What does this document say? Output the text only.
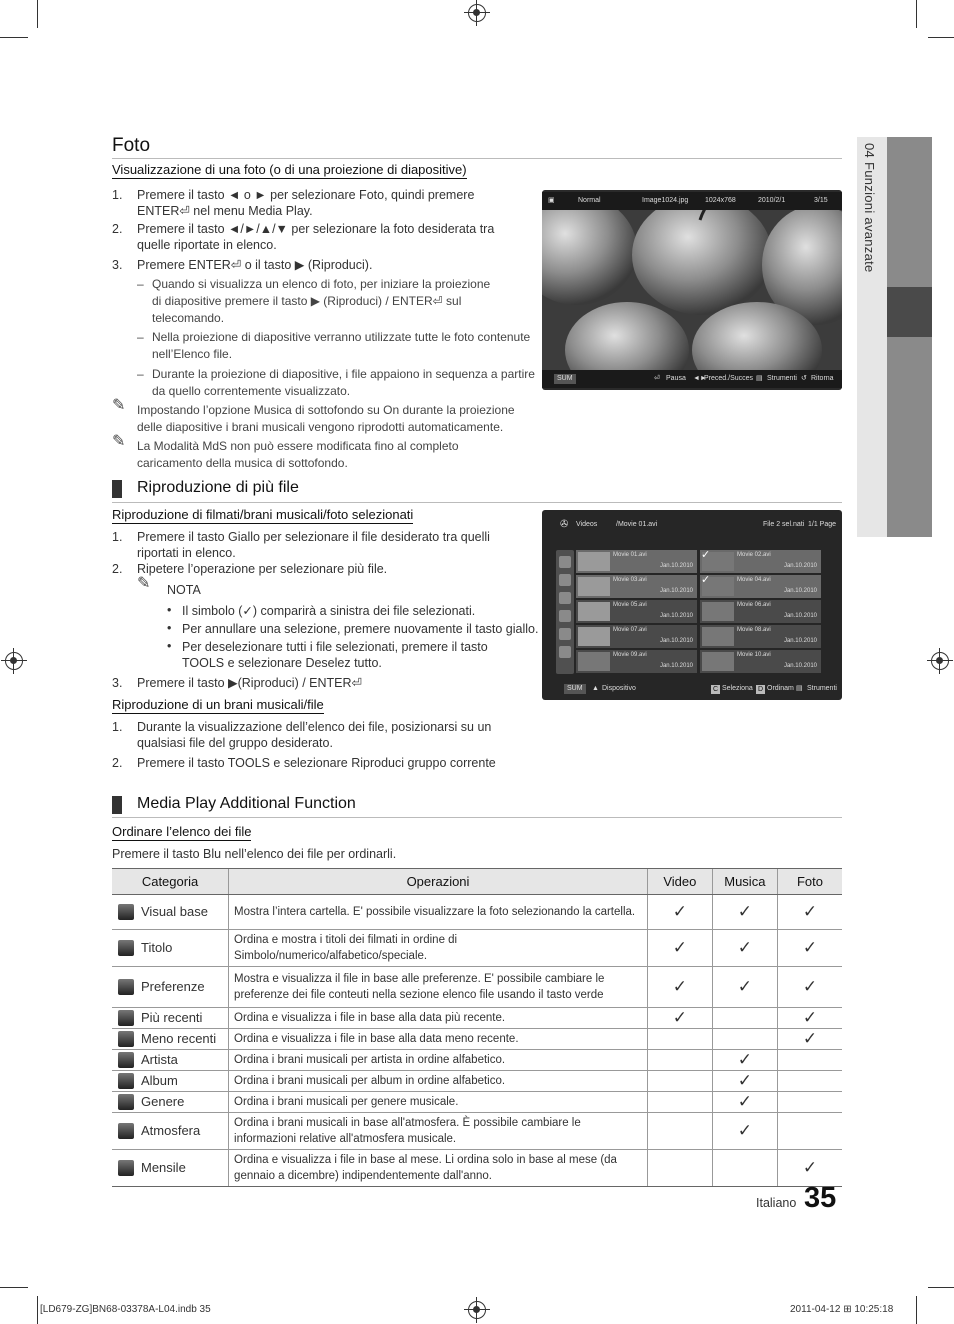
04 Funzioni avanzate
Foto
Visualizzazione di una foto (o di una proiezione di diapositive)
1. Premere il tasto ◄ o ► per selezionare Foto, quindi premere
ENTER⏎ nel menu Media Play.
2. Premere il tasto ◄/►/▲/▼ per selezionare la foto desiderata tra
quelle riportate in elenco.
3. Premere ENTER⏎ o il tasto ▶ (Riproduci).
– Quando si visualizza un elenco di foto, per iniziare la proiezione
di diapositive premere il tasto ▶ (Riproduci) / ENTER⏎ sul
telecomando.
– Nella proiezione di diapositive verranno utilizzate tutte le foto contenute
nell’Elenco file.
– Durante la proiezione di diapositive, i file appaiono in sequenza a partire
da quello correntemente visualizzato.
✎ Impostando l’opzione Musica di sottofondo su On durante la proiezione
delle diapositive i brani musicali vengono riprodotti automaticamente.
✎ La Modalità MdS non può essere modificata fino al completo
caricamento della musica di sottofondo.
▣	Normal	Image1024.jpg 1024x768	2010/2/1	3/15
SUM	⏎ Pausa ◄►
Preced./Succes ▤ Strumenti ↺ Ritorna
Riproduzione di più file
Riproduzione di filmati/brani musicali/foto selezionati
1. Premere il tasto Giallo per selezionare il file desiderato tra quelli
riportati in elenco.
2. Ripetere l’operazione per selezionare più file.
✎ NOTA
• Il simbolo (✓) comparirà a sinistra dei file selezionati.
• Per annullare una selezione, premere nuovamente il tasto giallo.
• Per deselezionare tutti i file selezionati, premere il tasto
TOOLS e selezionare Deselez tutto.
3. Premere il tasto ▶(Riproduci) / ENTER⏎
Riproduzione di un brani musicali/file
1. Durante la visualizzazione dell’elenco dei file, posizionarsi su un
qualsiasi file del gruppo desiderato.
2. Premere il tasto TOOLS e selezionare Riproduci gruppo corrente
✇ Videos	/Movie 01.avi	File 2 sel.nati 1/1 Page
Movie 01.avi
Jan.10.2010
✓	Movie 02.avi
Jan.10.2010
Movie 03.avi
Jan.10.2010
✓	Movie 04.avi
Jan.10.2010
Movie 05.avi
Jan.10.2010
Movie 06.avi
Jan.10.2010
Movie 07.avi
Jan.10.2010
Movie 08.avi
Jan.10.2010
Movie 09.avi
Jan.10.2010
Movie 10.avi
Jan.10.2010
SUM	▲ Dispositivo	C Seleziona D Ordinam ▤ Strumenti
Media Play Additional Function
Ordinare l’elenco dei file
Premere il tasto Blu nell’elenco dei file per ordinarli.
Categoria	Operazioni	Video	Musica	Foto
Visual base	Mostra l’intera cartella. E' possibile visualizzare la foto selezionando la cartella.	✓	✓	✓
Titolo	Ordina e mostra i titoli dei filmati in ordine di Simbolo/numerico/alfabetico/speciale.	✓	✓	✓
Preferenze	Mostra e visualizza il file in base alle preferenze. E' possibile cambiare le preferenze dei file conteuti nella sezione elenco file usando il tasto verde	✓	✓	✓
Più recenti	Ordina e visualizza i file in base alla data più recente.	✓		✓
Meno recenti	Ordina e visualizza i file in base alla data meno recente.			✓
Artista	Ordina i brani musicali per artista in ordine alfabetico.		✓	
Album	Ordina i brani musicali per album in ordine alfabetico.		✓	
Genere	Ordina i brani musicali per genere musicale.		✓	
Atmosfera	Ordina i brani musicali in base all'atmosfera. È possibile cambiare le informazioni relative all'atmosfera musicale.		✓	
Mensile	Ordina e visualizza i file in base al mese. Li ordina solo in base al mese (da gennaio a dicembre) indipendentemente dall'anno.			✓
Italiano 35
[LD679-ZG]BN68-03378A-L04.indb 35	2011-04-12 ⊞ 10:25:18
